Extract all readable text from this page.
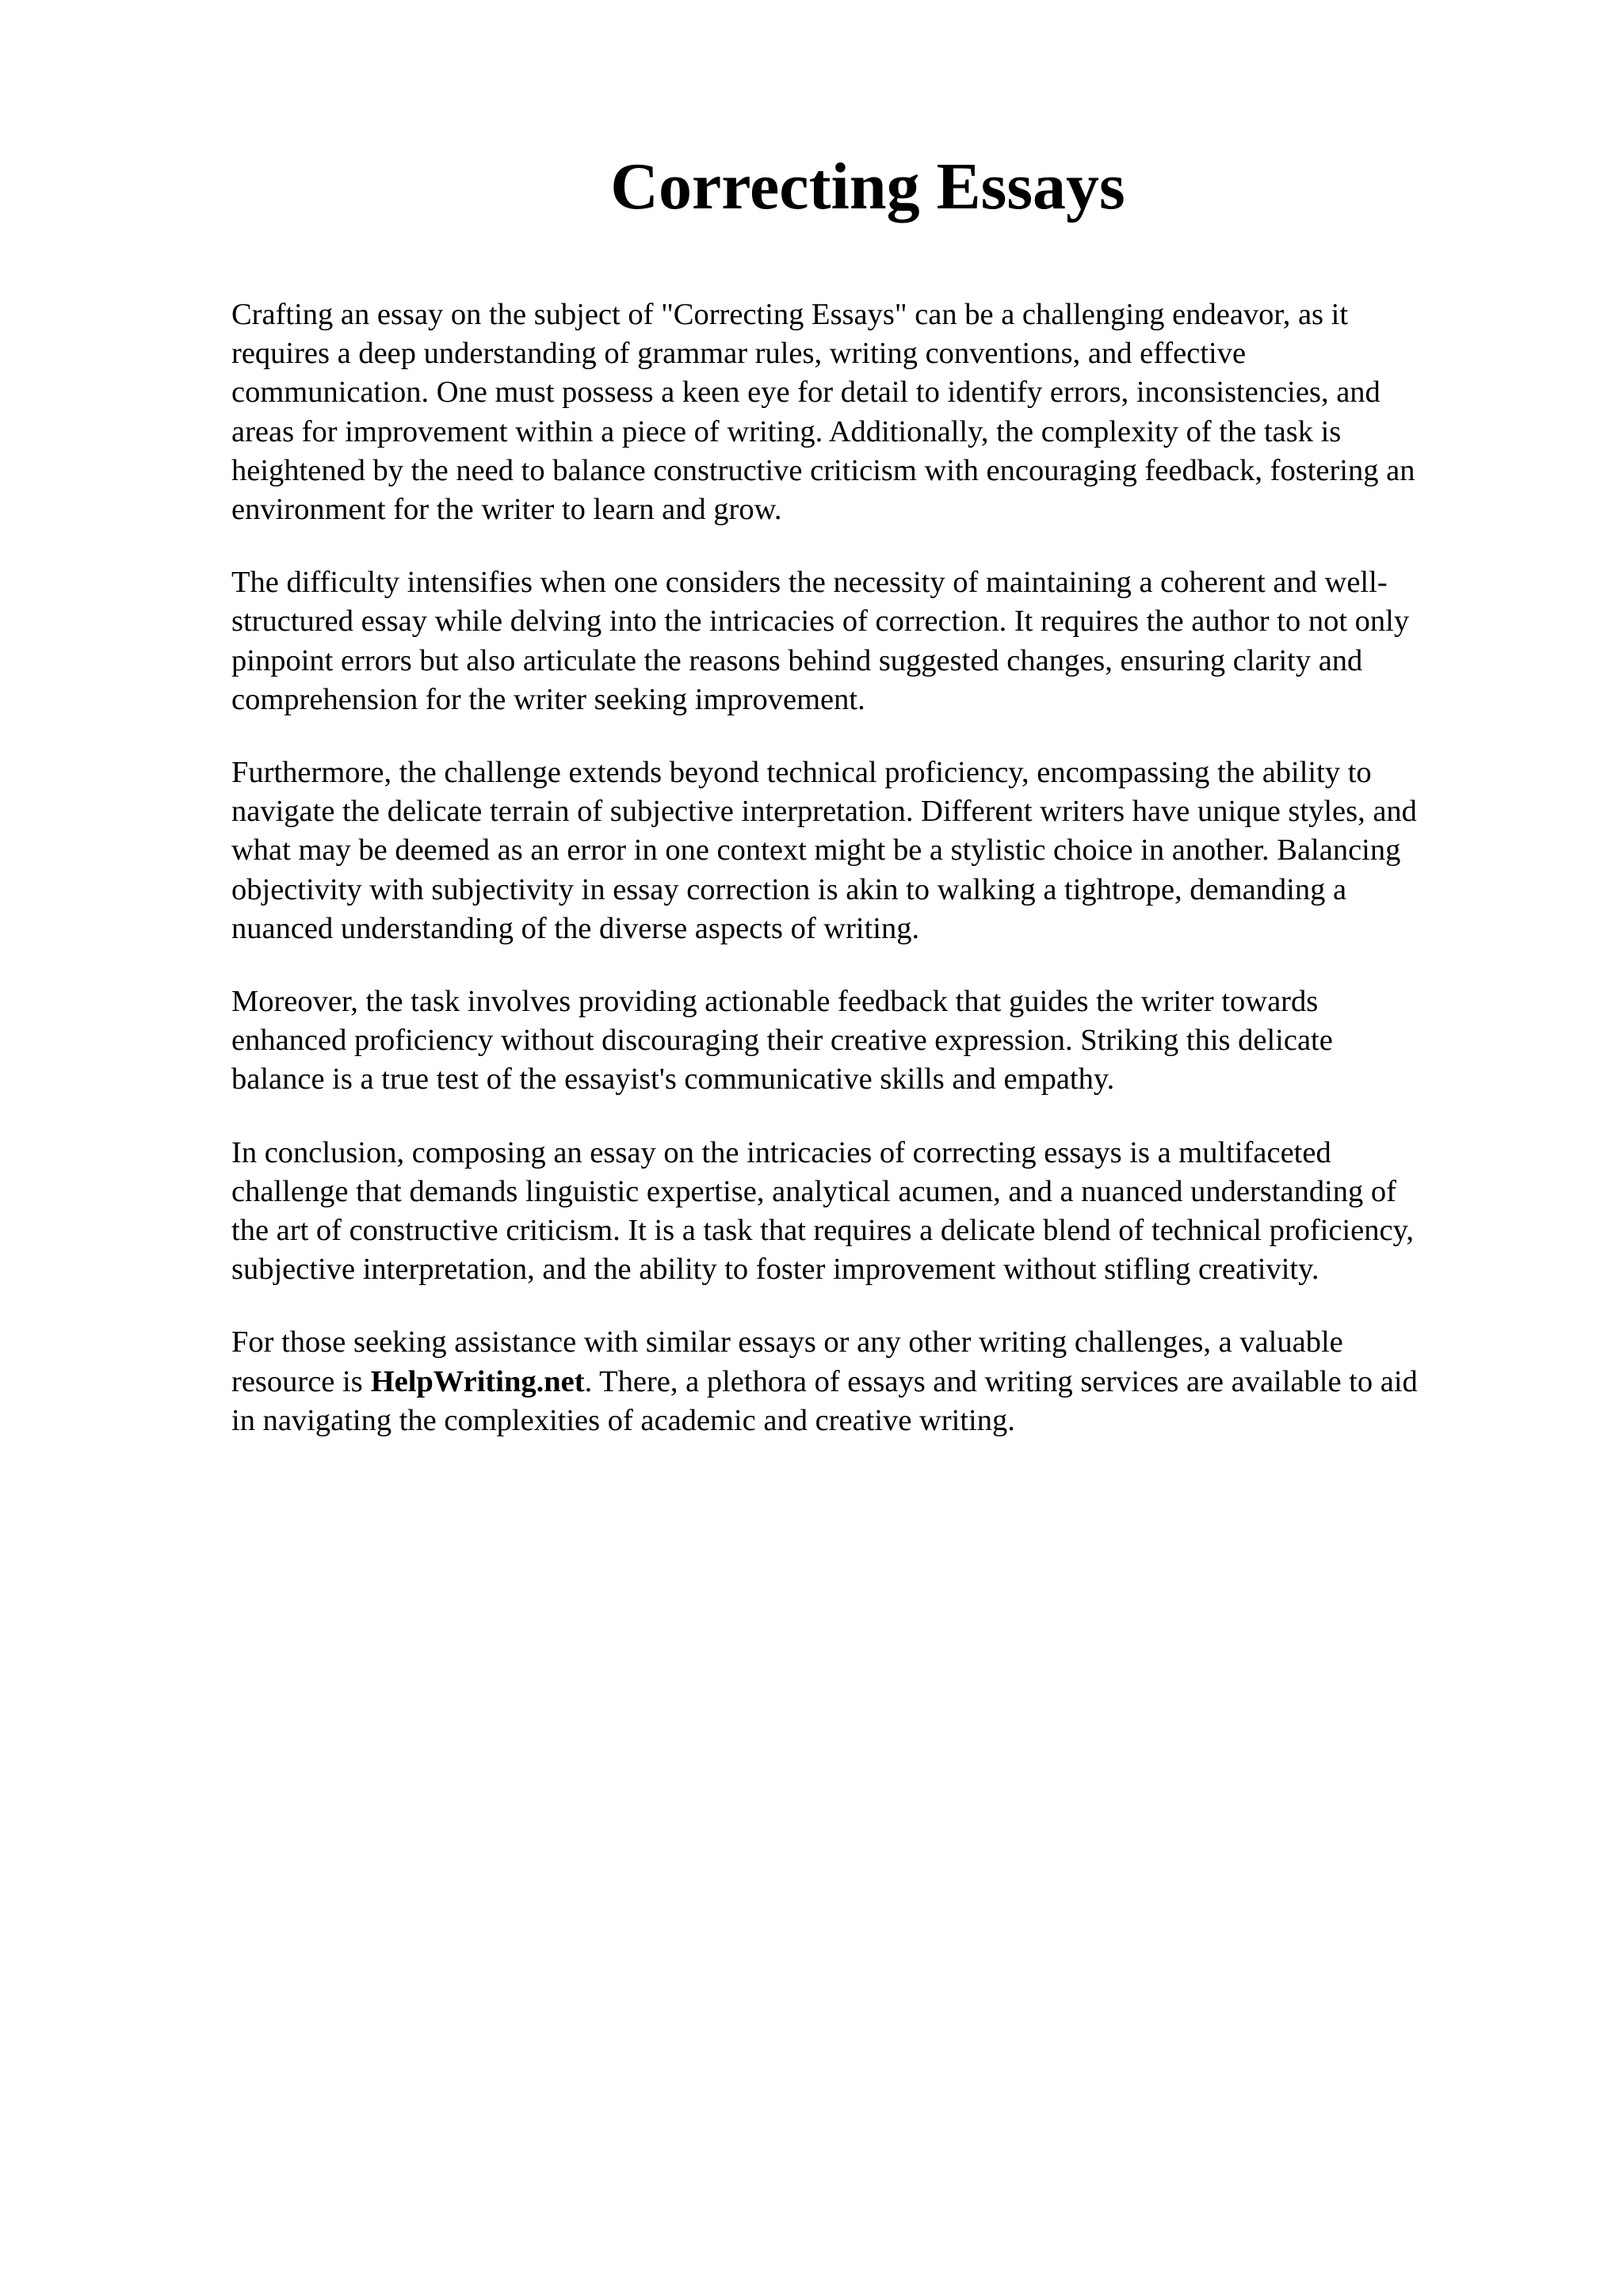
Correcting Essays

Crafting an essay on the subject of "Correcting Essays" can be a challenging endeavor, as it
requires a deep understanding of grammar rules, writing conventions, and effective
communication. One must possess a keen eye for detail to identify errors, inconsistencies, and
areas for improvement within a piece of writing. Additionally, the complexity of the task is
heightened by the need to balance constructive criticism with encouraging feedback, fostering an
environment for the writer to learn and grow.

The difficulty intensifies when one considers the necessity of maintaining a coherent and well-
structured essay while delving into the intricacies of correction. It requires the author to not only
pinpoint errors but also articulate the reasons behind suggested changes, ensuring clarity and
comprehension for the writer seeking improvement.

Furthermore, the challenge extends beyond technical proficiency, encompassing the ability to
navigate the delicate terrain of subjective interpretation. Different writers have unique styles, and
what may be deemed as an error in one context might be a stylistic choice in another. Balancing
objectivity with subjectivity in essay correction is akin to walking a tightrope, demanding a
nuanced understanding of the diverse aspects of writing.

Moreover, the task involves providing actionable feedback that guides the writer towards
enhanced proficiency without discouraging their creative expression. Striking this delicate
balance is a true test of the essayist's communicative skills and empathy.

In conclusion, composing an essay on the intricacies of correcting essays is a multifaceted
challenge that demands linguistic expertise, analytical acumen, and a nuanced understanding of
the art of constructive criticism. It is a task that requires a delicate blend of technical proficiency,
subjective interpretation, and the ability to foster improvement without stifling creativity.

For those seeking assistance with similar essays or any other writing challenges, a valuable
resource is HelpWriting.net. There, a plethora of essays and writing services are available to aid
in navigating the complexities of academic and creative writing.
